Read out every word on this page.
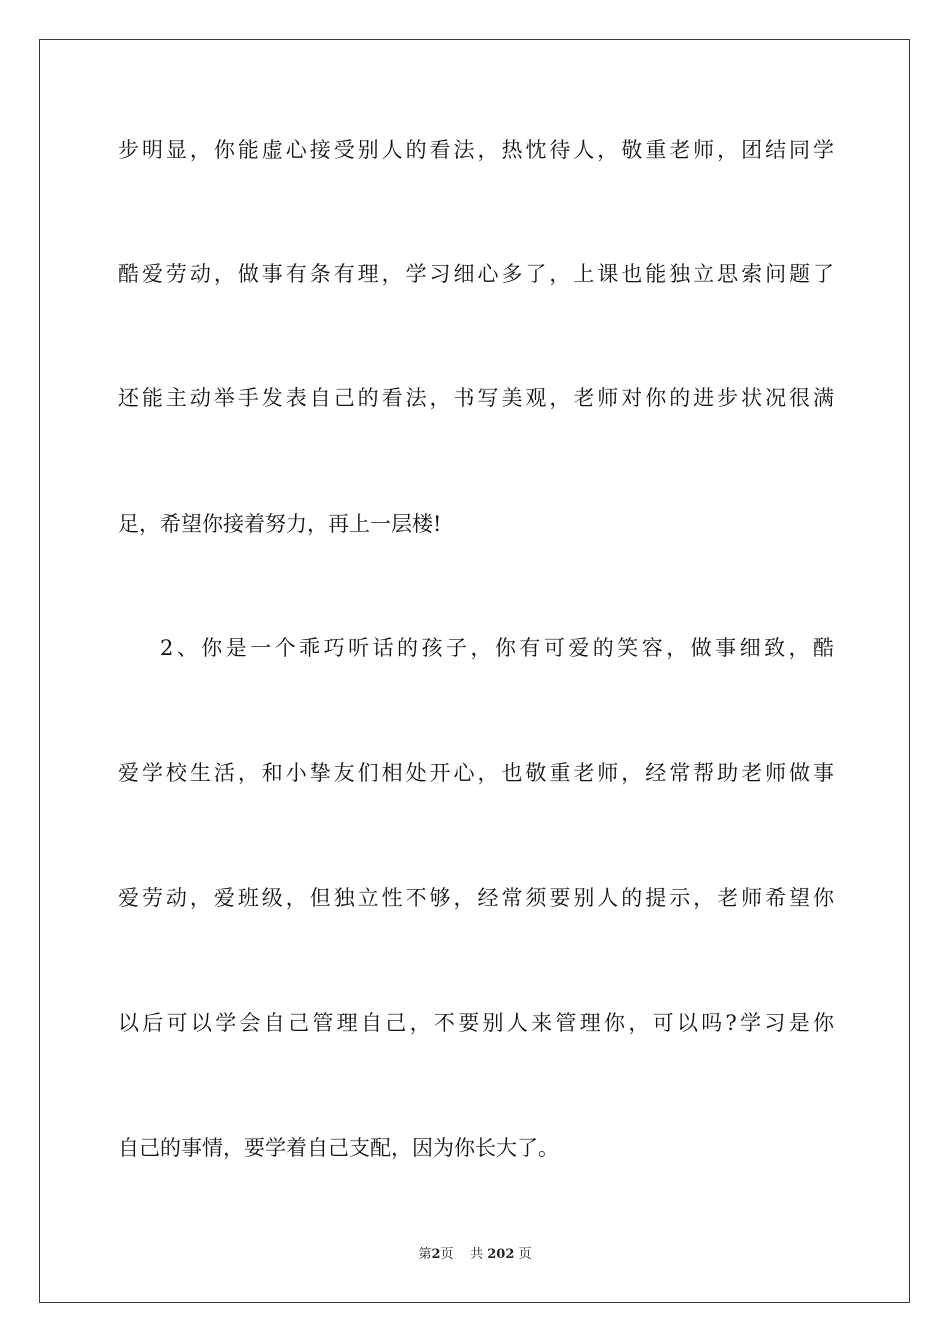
步明显，你能虚心接受别人的看法，热忱待人，敬重老师，团结同学
酷爱劳动，做事有条有理，学习细心多了，上课也能独立思索问题了
还能主动举手发表自己的看法，书写美观，老师对你的进步状况很满
足，希望你接着努力，再上一层楼!
2、你是一个乖巧听话的孩子，你有可爱的笑容，做事细致，酷
爱学校生活，和小挚友们相处开心，也敬重老师，经常帮助老师做事
爱劳动，爱班级，但独立性不够，经常须要别人的提示，老师希望你
以后可以学会自己管理自己，不要别人来管理你，可以吗?学习是你
自己的事情，要学着自己支配，因为你长大了。
第2页 共 202 页
